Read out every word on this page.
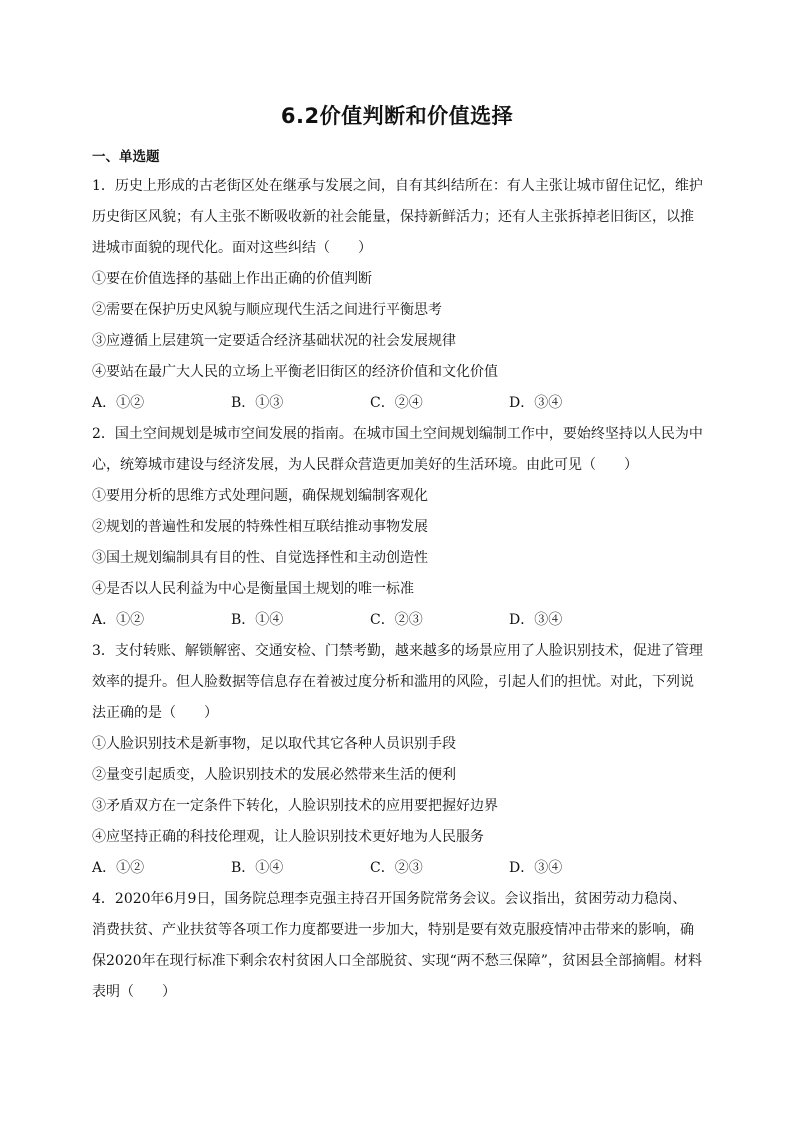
6.2价值判断和价值选择
一、单选题
1．历史上形成的古老街区处在继承与发展之间，自有其纠结所在：有人主张让城市留住记忆，维护
历史街区风貌；有人主张不断吸收新的社会能量，保持新鲜活力；还有人主张拆掉老旧街区，以推
进城市面貌的现代化。面对这些纠结（　　）
①要在价值选择的基础上作出正确的价值判断
②需要在保护历史风貌与顺应现代生活之间进行平衡思考
③应遵循上层建筑一定要适合经济基础状况的社会发展规律
④要站在最广大人民的立场上平衡老旧街区的经济价值和文化价值
A．①②	B．①③	C．②④	D．③④
2．国土空间规划是城市空间发展的指南。在城市国土空间规划编制工作中，要始终坚持以人民为中
心，统筹城市建设与经济发展，为人民群众营造更加美好的生活环境。由此可见（　　）
①要用分析的思维方式处理问题，确保规划编制客观化
②规划的普遍性和发展的特殊性相互联结推动事物发展
③国土规划编制具有目的性、自觉选择性和主动创造性
④是否以人民利益为中心是衡量国土规划的唯一标准
A．①②	B．①④	C．②③	D．③④
3．支付转账、解锁解密、交通安检、门禁考勤，越来越多的场景应用了人脸识别技术，促进了管理
效率的提升。但人脸数据等信息存在着被过度分析和滥用的风险，引起人们的担忧。对此，下列说
法正确的是（　　）
①人脸识别技术是新事物，足以取代其它各种人员识别手段
②量变引起质变，人脸识别技术的发展必然带来生活的便利
③矛盾双方在一定条件下转化，人脸识别技术的应用要把握好边界
④应坚持正确的科技伦理观，让人脸识别技术更好地为人民服务
A．①②	B．①④	C．②③	D．③④
4．2020年6月9日，国务院总理李克强主持召开国务院常务会议。会议指出，贫困劳动力稳岗、
消费扶贫、产业扶贫等各项工作力度都要进一步加大，特别是要有效克服疫情冲击带来的影响，确
保2020年在现行标准下剩余农村贫困人口全部脱贫、实现“两不愁三保障”，贫困县全部摘帽。材料
表明（　　）
